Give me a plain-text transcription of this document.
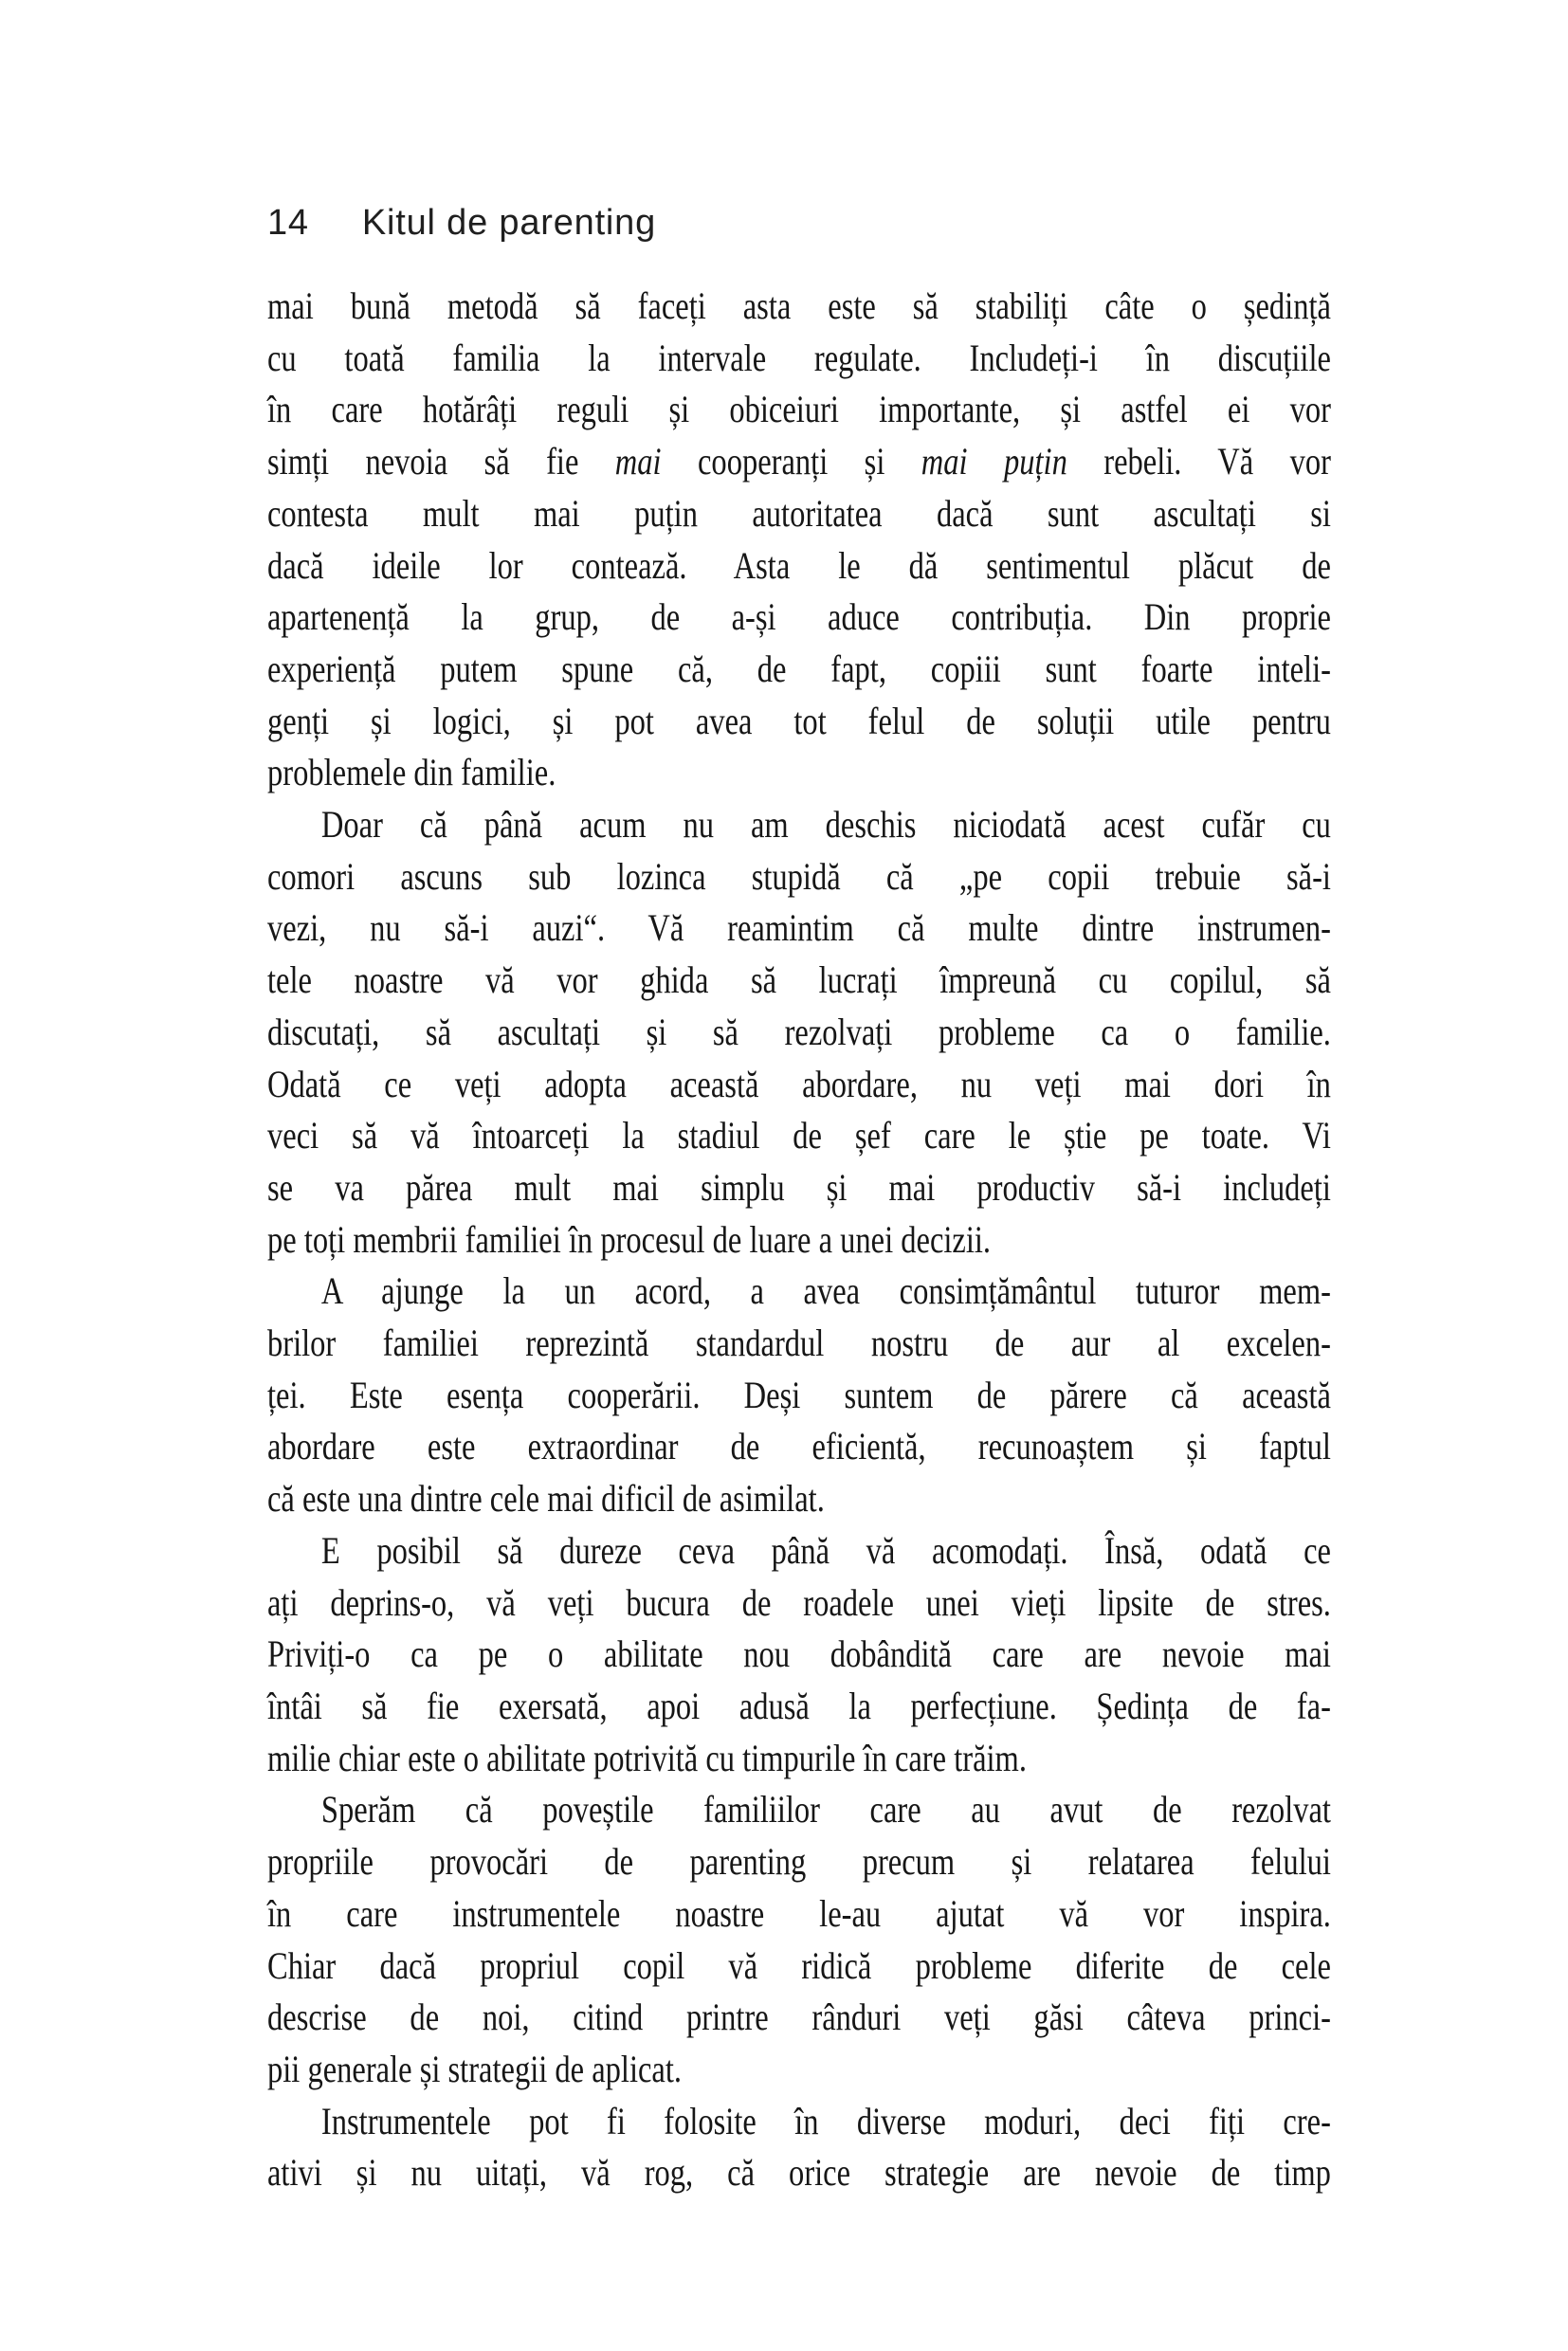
14 Kitul de parenting
mai bună metodă să faceți asta este să stabiliți câte o ședință
cu toată familia la intervale regulate. Includeți-i în discuțiile
în care hotărâți reguli și obiceiuri importante, și astfel ei vor
simți nevoia să fie mai cooperanți și mai puțin rebeli. Vă vor
contesta mult mai puțin autoritatea dacă sunt ascultați si
dacă ideile lor contează. Asta le dă sentimentul plăcut de
apartenență la grup, de a-și aduce contribuția. Din proprie
experiență putem spune că, de fapt, copiii sunt foarte inteli-
genți și logici, și pot avea tot felul de soluții utile pentru
problemele din familie.
Doar că până acum nu am deschis niciodată acest cufăr cu
comori ascuns sub lozinca stupidă că „pe copii trebuie să-i
vezi, nu să-i auzi“. Vă reamintim că multe dintre instrumen-
tele noastre vă vor ghida să lucrați împreună cu copilul, să
discutați, să ascultați și să rezolvați probleme ca o familie.
Odată ce veți adopta această abordare, nu veți mai dori în
veci să vă întoarceți la stadiul de șef care le știe pe toate. Vi
se va părea mult mai simplu și mai productiv să-i includeți
pe toți membrii familiei în procesul de luare a unei decizii.
A ajunge la un acord, a avea consimțământul tuturor mem-
brilor familiei reprezintă standardul nostru de aur al excelen-
ței. Este esența cooperării. Deși suntem de părere că această
abordare este extraordinar de eficientă, recunoaștem și faptul
că este una dintre cele mai dificil de asimilat.
E posibil să dureze ceva până vă acomodați. Însă, odată ce
ați deprins-o, vă veți bucura de roadele unei vieți lipsite de stres.
Priviți-o ca pe o abilitate nou dobândită care are nevoie mai
întâi să fie exersată, apoi adusă la perfecțiune. Ședința de fa-
milie chiar este o abilitate potrivită cu timpurile în care trăim.
Sperăm că poveștile familiilor care au avut de rezolvat
propriile provocări de parenting precum și relatarea felului
în care instrumentele noastre le-au ajutat vă vor inspira.
Chiar dacă propriul copil vă ridică probleme diferite de cele
descrise de noi, citind printre rânduri veți găsi câteva princi-
pii generale și strategii de aplicat.
Instrumentele pot fi folosite în diverse moduri, deci fiți cre-
ativi și nu uitați, vă rog, că orice strategie are nevoie de timp
